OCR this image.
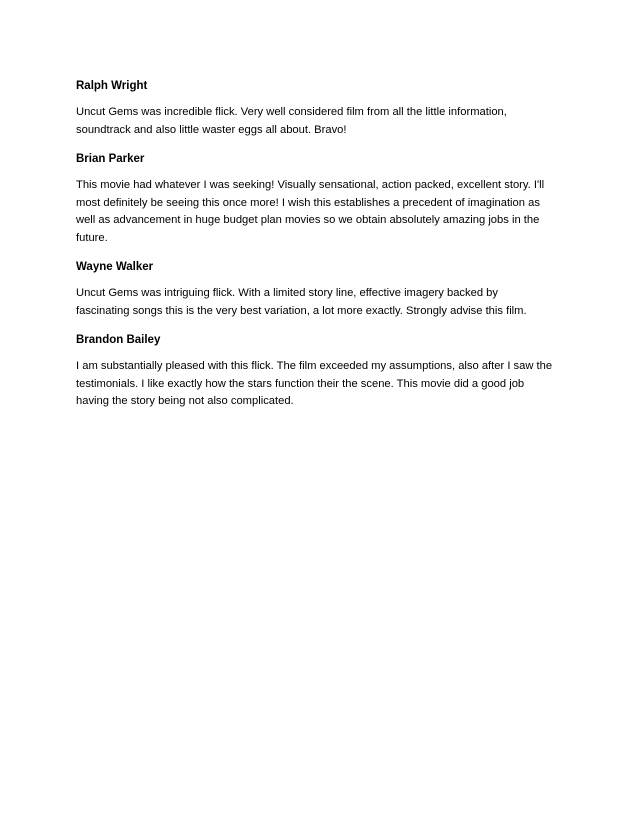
Ralph Wright

Uncut Gems was incredible flick. Very well considered film from all the little information,
soundtrack and also little waster eggs all about. Bravo!

Brian Parker

This movie had whatever I was seeking! Visually sensational, action packed, excellent story. I'll
most definitely be seeing this once more! I wish this establishes a precedent of imagination as
well as advancement in huge budget plan movies so we obtain absolutely amazing jobs in the
future.

Wayne Walker

Uncut Gems was intriguing flick. With a limited story line, effective imagery backed by
fascinating songs this is the very best variation, a lot more exactly. Strongly advise this film.

Brandon Bailey

I am substantially pleased with this flick. The film exceeded my assumptions, also after I saw the
testimonials. I like exactly how the stars function their the scene. This movie did a good job
having the story being not also complicated.
